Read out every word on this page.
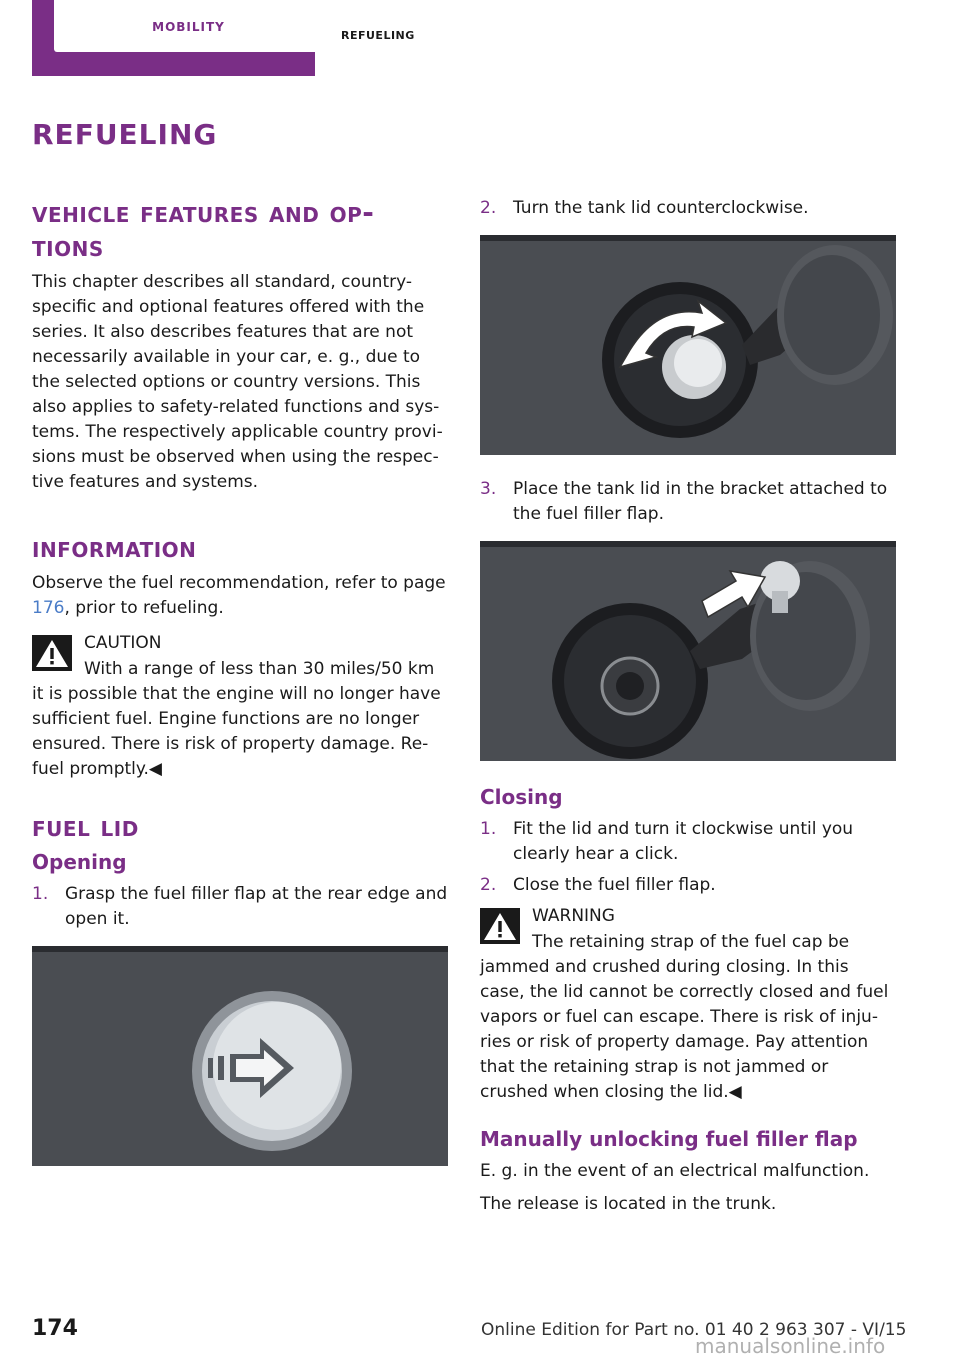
mobility	refueling
refueling
vehicle features and op‐
tions

This chapter describes all standard, country-specific and optional features offered with the series. It also describes features that are not necessarily available in your car, e. g., due to the selected options or country versions. This also applies to safety-related functions and sys‐tems. The respectively applicable country provi‐sions must be observed when using the respec‐tive features and systems.

information

Observe the fuel recommendation, refer to page 176, prior to refueling.

CAUTION

With a range of less than 30 miles/50 km it is possible that the engine will no longer have sufficient fuel. Engine functions are no longer ensured. There is risk of property damage. Re‐fuel promptly.◀

fuel lid
Opening
1. Grasp the fuel filler flap at the rear edge and open it.
2. Turn the tank lid counterclockwise.
3. Place the tank lid in the bracket attached to the fuel filler flap.
Closing
1. Fit the lid and turn it clockwise until you clearly hear a click.
2. Close the fuel filler flap.

WARNING

The retaining strap of the fuel cap be jammed and crushed during closing. In this case, the lid cannot be correctly closed and fuel vapors or fuel can escape. There is risk of inju‐ries or risk of property damage. Pay attention that the retaining strap is not jammed or crushed when closing the lid.◀

Manually unlocking fuel filler flap

E. g. in the event of an electrical malfunction.

The release is located in the trunk.

174	Online Edition for Part no. 01 40 2 963 307 - VI/15
manualsonline.info
